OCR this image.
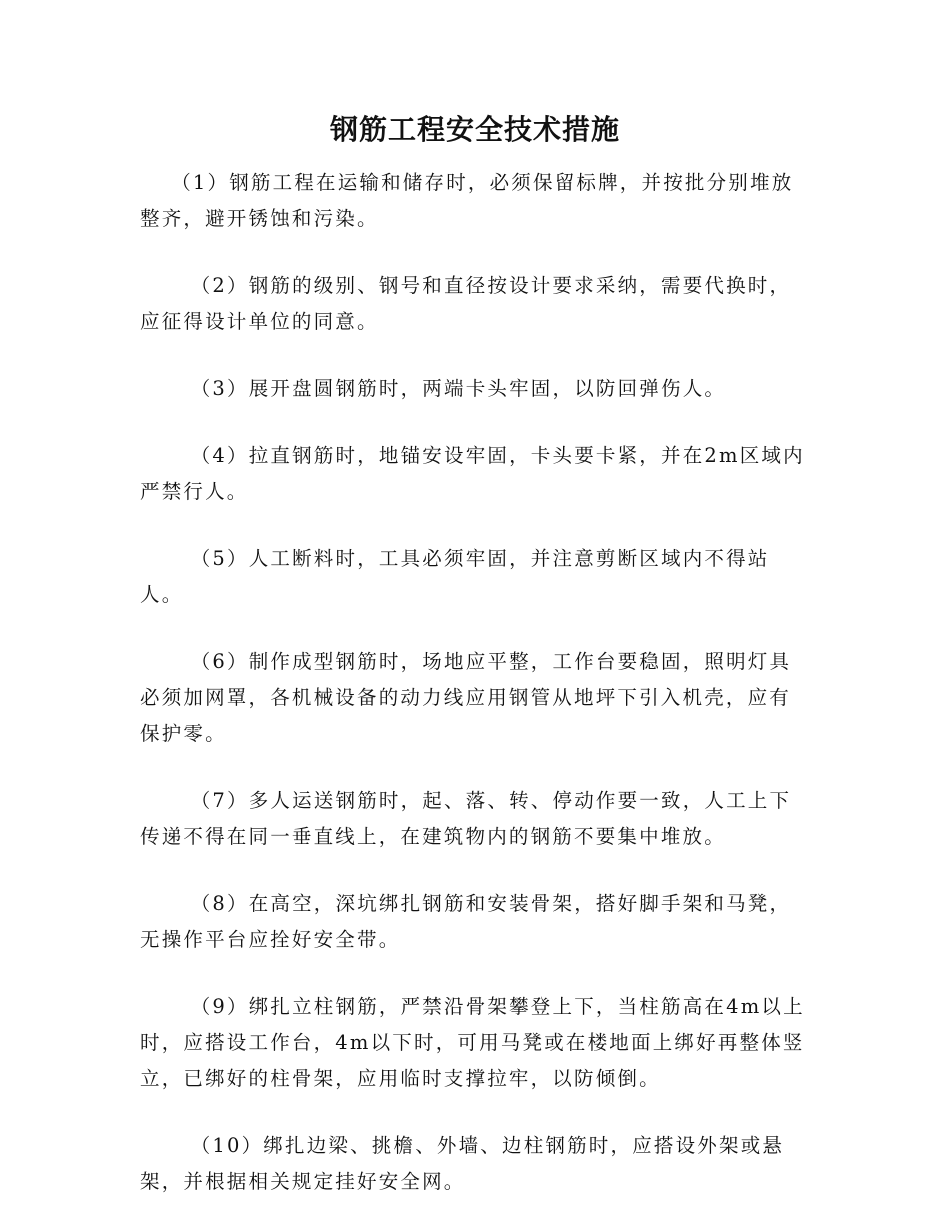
钢筋工程安全技术措施

（1）钢筋工程在运输和储存时，必须保留标牌，并按批分别堆放整齐，避开锈蚀和污染。

（2）钢筋的级别、钢号和直径按设计要求采纳，需要代换时，应征得设计单位的同意。

（3）展开盘圆钢筋时，两端卡头牢固，以防回弹伤人。

（4）拉直钢筋时，地锚安设牢固，卡头要卡紧，并在2m区域内严禁行人。

（5）人工断料时，工具必须牢固，并注意剪断区域内不得站人。

（6）制作成型钢筋时，场地应平整，工作台要稳固，照明灯具必须加网罩，各机械设备的动力线应用钢管从地坪下引入机壳，应有保护零。

（7）多人运送钢筋时，起、落、转、停动作要一致，人工上下传递不得在同一垂直线上，在建筑物内的钢筋不要集中堆放。

（8）在高空，深坑绑扎钢筋和安装骨架，搭好脚手架和马凳，无操作平台应拴好安全带。

（9）绑扎立柱钢筋，严禁沿骨架攀登上下，当柱筋高在4m以上时，应搭设工作台，4m以下时，可用马凳或在楼地面上绑好再整体竖立，已绑好的柱骨架，应用临时支撑拉牢，以防倾倒。

（10）绑扎边梁、挑檐、外墙、边柱钢筋时，应搭设外架或悬架，并根据相关规定挂好安全网。
